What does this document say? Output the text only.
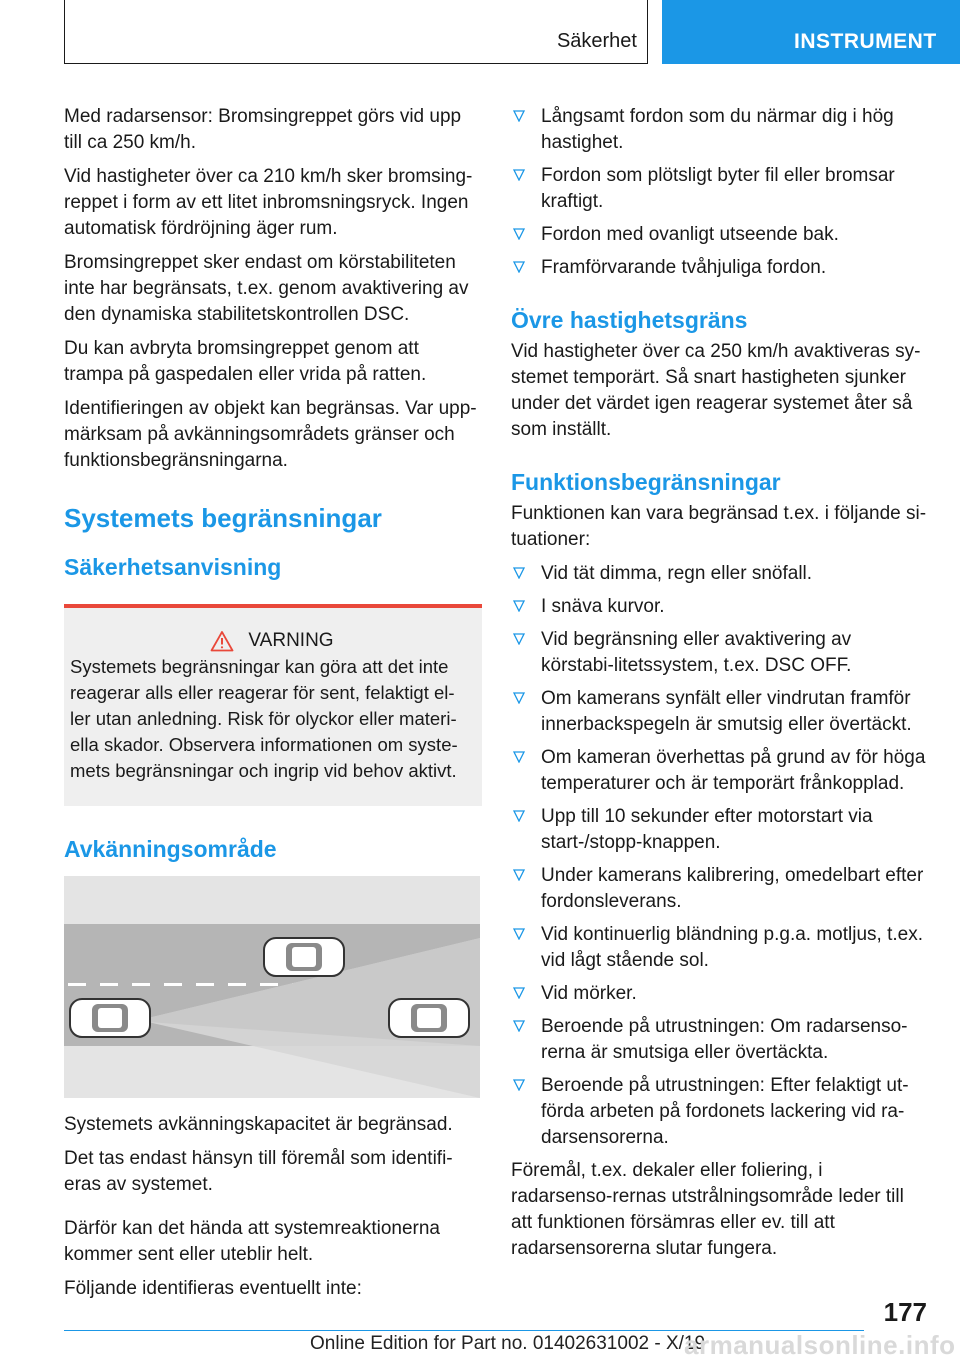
Säkerhet	INSTRUMENT

Med radarsensor: Bromsingreppet görs vid upp till ca 250 km/h.

Vid hastigheter över ca 210 km/h sker bromsing‐reppet i form av ett litet inbromsningsryck. Ingen automatisk fördröjning äger rum.

Bromsingreppet sker endast om körstabiliteten inte har begränsats, t.ex. genom avaktivering av den dynamiska stabilitetskontrollen DSC.

Du kan avbryta bromsingreppet genom att trampa på gaspedalen eller vrida på ratten.

Identifieringen av objekt kan begränsas. Var upp‐märksam på avkänningsområdets gränser och funktionsbegränsningarna.

Systemets begränsningar
Säkerhetsanvisning
VARNING

Systemets begränsningar kan göra att det inte reagerar alls eller reagerar för sent, felaktigt el‐ler utan anledning. Risk för olyckor eller materi‐ella skador. Observera informationen om syste‐mets begränsningar och ingrip vid behov aktivt.

Avkänningsområde

Systemets avkänningskapacitet är begränsad.

Det tas endast hänsyn till föremål som identifi‐eras av systemet.

Därför kan det hända att systemreaktionerna kommer sent eller uteblir helt.

Följande identifieras eventuellt inte:

Långsamt fordon som du närmar dig i hög hastighet.
Fordon som plötsligt byter fil eller bromsar kraftigt.
Fordon med ovanligt utseende bak.
Framförvarande tvåhjuliga fordon.
Övre hastighetsgräns

Vid hastigheter över ca 250 km/h avaktiveras sy‐stemet temporärt. Så snart hastigheten sjunker under det värdet igen reagerar systemet åter så som inställt.

Funktionsbegränsningar

Funktionen kan vara begränsad t.ex. i följande si‐tuationer:

Vid tät dimma, regn eller snöfall.
I snäva kurvor.
Vid begränsning eller avaktivering av körstabi‐litetssystem, t.ex. DSC OFF.
Om kamerans synfält eller vindrutan framför innerbackspegeln är smutsig eller övertäckt.
Om kameran överhettas på grund av för höga temperaturer och är temporärt frånkopplad.
Upp till 10 sekunder efter motorstart via start-/stopp-knappen.
Under kamerans kalibrering, omedelbart efter fordonsleverans.
Vid kontinuerlig bländning p.g.a. motljus, t.ex. vid lågt stående sol.
Vid mörker.
Beroende på utrustningen: Om radarsenso‐rerna är smutsiga eller övertäckta.
Beroende på utrustningen: Efter felaktigt ut‐förda arbeten på fordonets lackering vid ra‐darsensorerna.

Föremål, t.ex. dekaler eller foliering, i radarsenso‐rernas utstrålningsområde leder till att funktionen försämras eller ev. till att radarsensorerna slutar fungera.

177
Online Edition for Part no. 01402631002 - X/19
armanualsonline.info
